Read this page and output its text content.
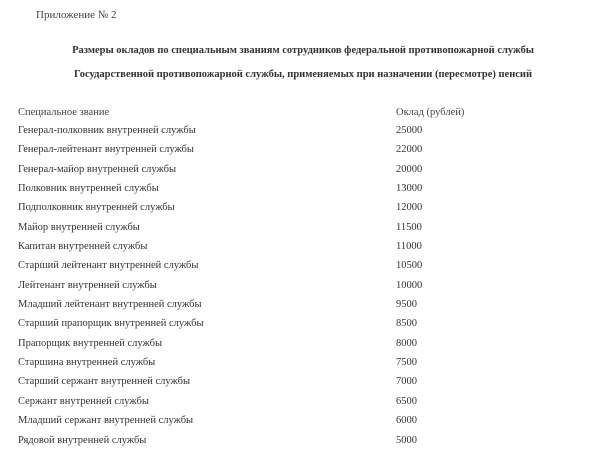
Приложение № 2
Размеры окладов по специальным званиям сотрудников федеральной противопожарной службы
Государственной противопожарной службы, применяемых при назначении (пересмотре) пенсий
Специальное звание	Оклад (рублей)
Генерал-полковник внутренней службы	25000
Генерал-лейтенант внутренней службы	22000
Генерал-майор внутренней службы	20000
Полковник внутренней службы	13000
Подполковник внутренней службы	12000
Майор внутренней службы	11500
Капитан внутренней службы	11000
Старший лейтенант внутренней службы	10500
Лейтенант внутренней службы	10000
Младший лейтенант внутренней службы	9500
Старший прапорщик внутренней службы	8500
Прапорщик внутренней службы	8000
Старшина внутренней службы	7500
Старший сержант внутренней службы	7000
Сержант внутренней службы	6500
Младший сержант внутренней службы	6000
Рядовой внутренней службы	5000
